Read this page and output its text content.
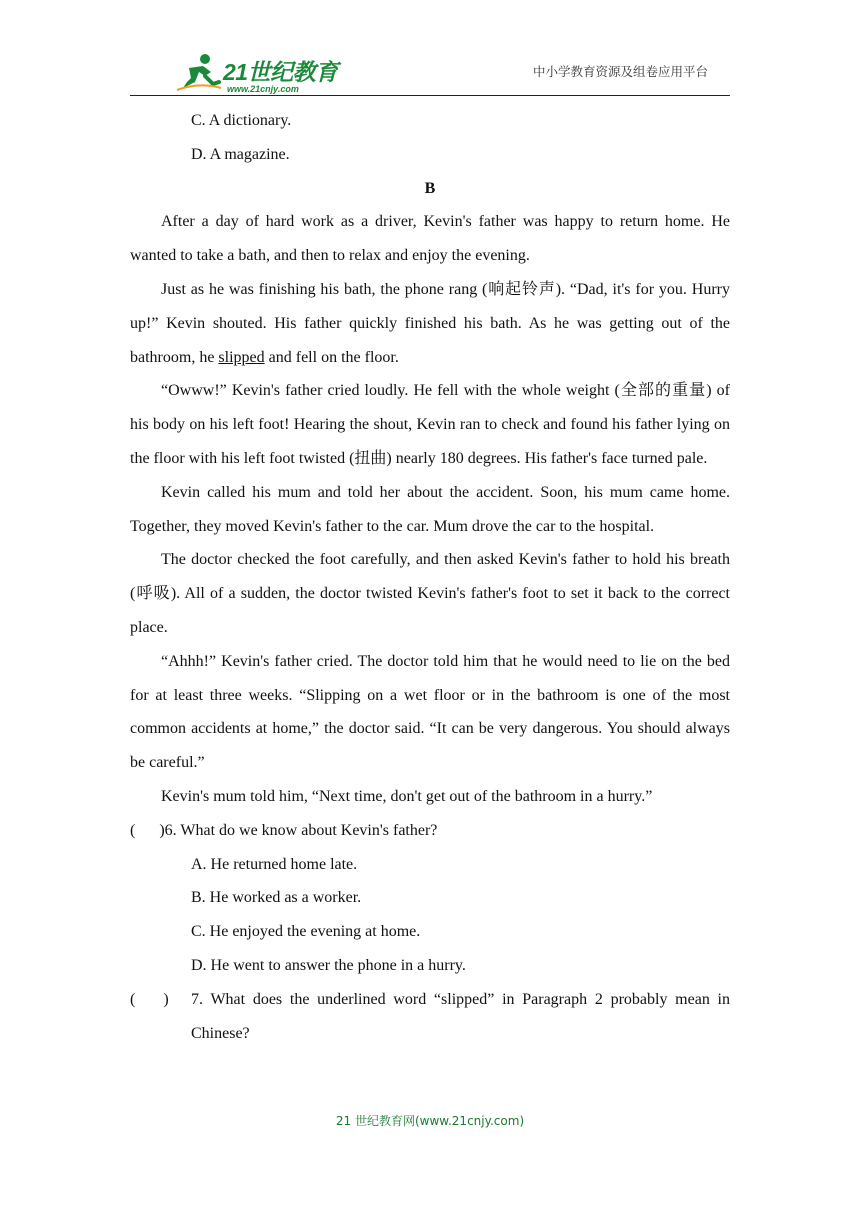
21世纪教育
www.21cnjy.com
中小学教育资源及组卷应用平台

C. A dictionary.

D. A magazine.

B

After a day of hard work as a driver, Kevin's father was happy to return home. He wanted to take a bath, and then to relax and enjoy the evening.

Just as he was finishing his bath, the phone rang (响起铃声). “Dad, it's for you. Hurry up!” Kevin shouted. His father quickly finished his bath. As he was getting out of the bathroom, he slipped and fell on the floor.

“Owww!” Kevin's father cried loudly. He fell with the whole weight (全部的重量) of his body on his left foot! Hearing the shout, Kevin ran to check and found his father lying on the floor with his left foot twisted (扭曲) nearly 180 degrees. His father's face turned pale.

Kevin called his mum and told her about the accident. Soon, his mum came home. Together, they moved Kevin's father to the car. Mum drove the car to the hospital.

The doctor checked the foot carefully, and then asked Kevin's father to hold his breath (呼吸). All of a sudden, the doctor twisted Kevin's father's foot to set it back to the correct place.

“Ahhh!” Kevin's father cried. The doctor told him that he would need to lie on the bed for at least three weeks. “Slipping on a wet floor or in the bathroom is one of the most common accidents at home,” the doctor said. “It can be very dangerous. You should always be careful.”

Kevin's mum told him, “Next time, don't get out of the bathroom in a hurry.”

(      )6. What do we know about Kevin's father?

A. He returned home late.

B. He worked as a worker.

C. He enjoyed the evening at home.

D. He went to answer the phone in a hurry.

(       ) 7. What does the underlined word “slipped” in Paragraph 2 probably mean in Chinese?

21 世纪教育网(www.21cnjy.com)
